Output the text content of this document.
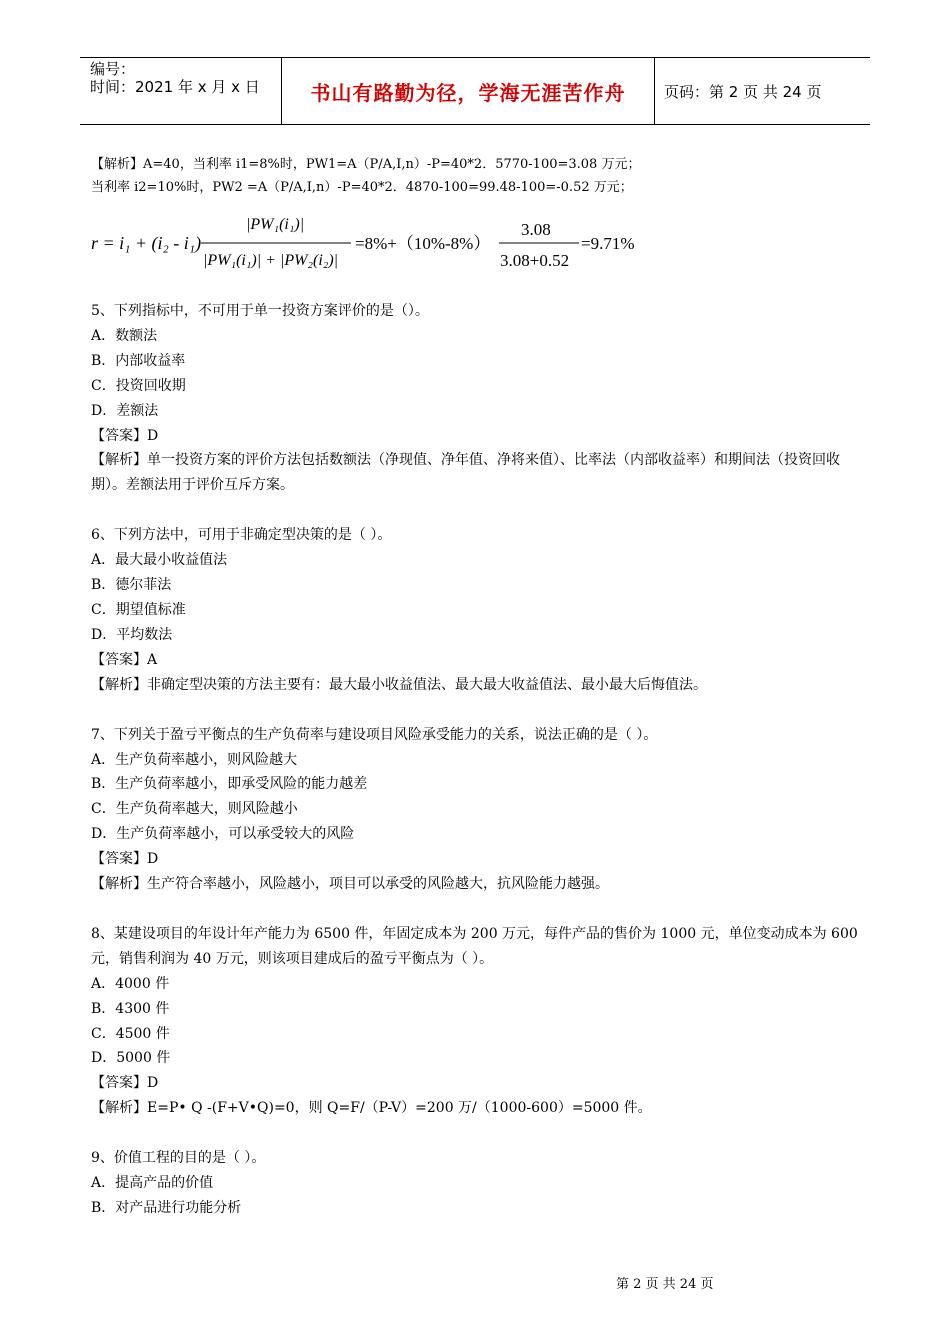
编号：
时间：2021 年 x 月 x 日	书山有路勤为径，学海无涯苦作舟	页码：第 2 页 共 24 页
【解析】A=40，当利率 i1=8%时，PW1=A（P/A,I,n）-P=40*2．5770-100=3.08 万元；
当利率 i2=10%时，PW2 =A（P/A,I,n）-P=40*2．4870-100=99.48-100=-0.52 万元；
r = i₁ + (i₂ - i₁)
|PW₁(i₁)|
|PW₁(i₁)| + |PW₂(i₂)|
=8%+（10%-8%）
3.08
3.08+0.52
=9.71%
5、下列指标中，不可用于单一投资方案评价的是（）。
A．数额法
B．内部收益率
C．投资回收期
D．差额法
【答案】D
【解析】单一投资方案的评价方法包括数额法（净现值、净年值、净将来值）、比率法（内部收益率）和期间法（投资回收期）。差额法用于评价互斥方案。
6、下列方法中，可用于非确定型决策的是（ ）。
A．最大最小收益值法
B．德尔菲法
C．期望值标准
D．平均数法
【答案】A
【解析】非确定型决策的方法主要有：最大最小收益值法、最大最大收益值法、最小最大后悔值法。
7、下列关于盈亏平衡点的生产负荷率与建设项目风险承受能力的关系，说法正确的是（ ）。
A．生产负荷率越小，则风险越大
B．生产负荷率越小，即承受风险的能力越差
C．生产负荷率越大，则风险越小
D．生产负荷率越小，可以承受较大的风险
【答案】D
【解析】生产符合率越小，风险越小，项目可以承受的风险越大，抗风险能力越强。
8、某建设项目的年设计年产能力为 6500 件，年固定成本为 200 万元，每件产品的售价为 1000 元，单位变动成本为 600 元，销售利润为 40 万元，则该项目建成后的盈亏平衡点为（ ）。
A．4000 件
B．4300 件
C．4500 件
D．5000 件
【答案】D
【解析】E=P• Q -(F+V•Q)=0，则 Q=F/（P-V）=200 万/（1000-600）=5000 件。
9、价值工程的目的是（ ）。
A．提高产品的价值
B．对产品进行功能分析
第 2 页 共 24 页
